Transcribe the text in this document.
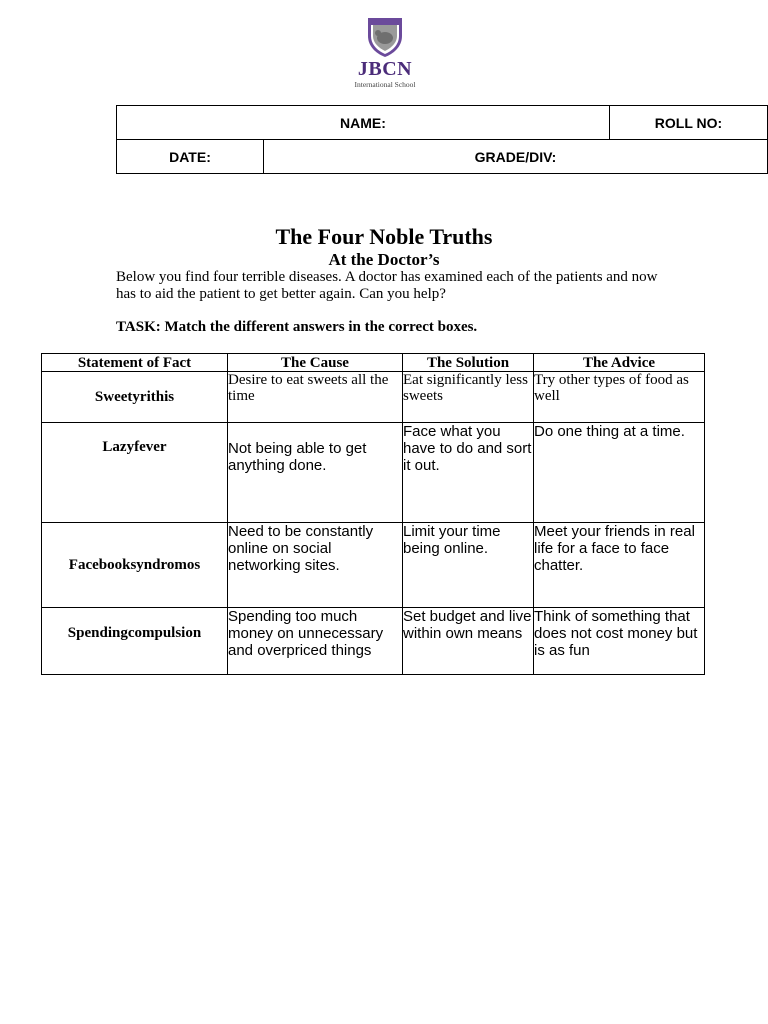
JBCN
International School
NAME:		ROLL NO:
DATE:	GRADE/DIV:	
The Four Noble Truths
At the Doctor’s
Below you find four terrible diseases. A doctor has examined each of the patients and now has to aid the patient to get better again. Can you help?
TASK: Match the different answers in the correct boxes.
Statement of Fact	The Cause	The Solution	The Advice
Sweetyrithis	Desire to eat sweets all the time	Eat significantly less sweets	Try other types of food as well
Lazyfever	Not being able to get anything done.	Face what you have to do and sort it out.	Do one thing at a time.
Facebooksyndromos	Need to be constantly online on social networking sites.	Limit your time being online.	Meet your friends in real life for a face to face chatter.
Spendingcompulsion	Spending too much money on unnecessary and overpriced things	Set budget and live within own means	Think of something that does not cost money but is as fun
